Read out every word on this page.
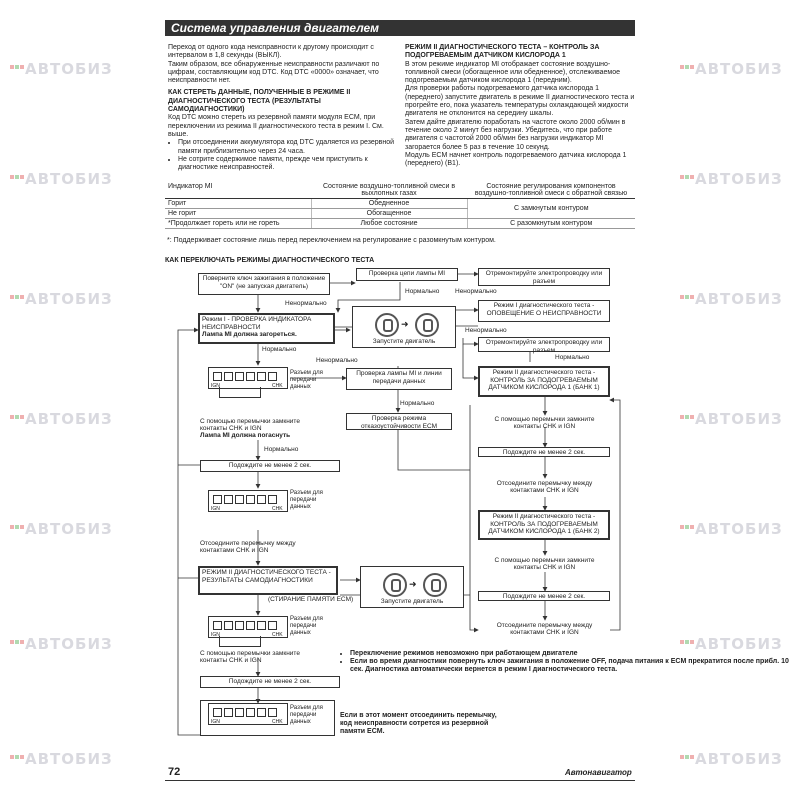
АВТОБИЗ
АВТОБИЗ
АВТОБИЗ
АВТОБИЗ
АВТОБИЗ
АВТОБИЗ
АВТОБИЗ
АВТОБИЗ
АВТОБИЗ
АВТОБИЗ
АВТОБИЗ
АВТОБИЗ
АВТОБИЗ
АВТОБИЗ
Система управления двигателем

Переход от одного кода неисправности к другому происходит с интервалом в 1,8 секунды (ВЫКЛ).

Таким образом, все обнаруженные неисправности различают по цифрам, составляющим код DTC. Код DTC «0000» означает, что неисправности нет.

КАК СТЕРЕТЬ ДАННЫЕ, ПОЛУЧЕННЫЕ В РЕЖИМЕ II ДИАГНОСТИЧЕСКОГО ТЕСТА (РЕЗУЛЬТАТЫ САМОДИАГНОСТИКИ)

Код DTC можно стереть из резервной памяти модуля ECM, при переключении из режима II диагностического теста в режим I. См. выше.

• При отсоединении аккумулятора код DTC удаляется из резервной памяти приблизительно через 24 часа.
• Не сотрите содержимое памяти, прежде чем приступить к диагностике неисправностей.

РЕЖИМ II ДИАГНОСТИЧЕСКОГО ТЕСТА – КОНТРОЛЬ ЗА ПОДОГРЕВАЕМЫМ ДАТЧИКОМ КИСЛОРОДА 1

В этом режиме индикатор MI отображает состояние воздушно-топливной смеси (обогащенное или обедненное), отслеживаемое подогреваемым датчиком кислорода 1 (передним).

Для проверки работы подогреваемого датчика кислорода 1 (переднего) запустите двигатель в режиме II диагностического теста и прогрейте его, пока указатель температуры охлаждающей жидкости двигателя не отклонится на середину шкалы.

Затем дайте двигателю поработать на частоте около 2000 об/мин в течение около 2 минут без нагрузки. Убедитесь, что при работе двигателя с частотой 2000 об/мин без нагрузки индикатор MI загорается более 5 раз в течение 10 секунд.

Модуль ECM начнет контроль подогреваемого датчика кислорода 1 (переднего) (B1).

Индикатор MI	Состояние воздушно-топливной смеси в выхлопных газах	Состояние регулирования компонентов воздушно-топливной смеси с обратной связью
Горит	Обедненное	С замкнутым контуром
Не горит	Обогащенное	
*Продолжает гореть или не гореть	Любое состояние	С разомкнутым контуром
*: Поддерживает состояние лишь перед переключением на регулирование с разомкнутым контуром.
КАК ПЕРЕКЛЮЧАТЬ РЕЖИМЫ ДИАГНОСТИЧЕСКОГО ТЕСТА
Поверните ключ зажигания в положение "ON" (не запуская двигатель)
Проверка цепи лампы MI	Отремонтируйте электропроводку или разъем
Нормально Ненормально
Ненормально
Режим I - ПРОВЕРКА ИНДИКАТОРА НЕИСПРАВНОСТИ
Лампа MI должна загореться.
Режим I диагностического теста - ОПОВЕЩЕНИЕ О НЕИСПРАВНОСТИ
➜
Запустите двигатель
Ненормально
Отремонтируйте электропроводку или разъем
Нормально
Ненормально	Нормально
Режим II диагностического теста - КОНТРОЛЬ ЗА ПОДОГРЕВАЕМЫМ ДАТЧИКОМ КИСЛОРОДА 1 (БАНК 1)
IGN	CHK
Разъем для передачи данных
Проверка лампы MI и линии передачи данных
Нормально
Проверка режима отказоустойчивости ECM
С помощью перемычки замкните контакты CHK и IGN
Лампа MI должна погаснуть
Нормально
Подождите не менее 2 сек.
IGN	CHK
Разъем для передачи данных
Отсоедините перемычку между контактами CHK и IGN
РЕЖИМ II ДИАГНОСТИЧЕСКОГО ТЕСТА - РЕЗУЛЬТАТЫ САМОДИАГНОСТИКИ
(СТИРАНИЕ ПАМЯТИ ECM)
➜
Запустите двигатель
IGN	CHK
Разъем для передачи данных
С помощью перемычки замкните контакты CHK и IGN
Подождите не менее 2 сек.
IGN	CHK
Разъем для передачи данных
С помощью перемычки замкните контакты CHK и IGN
Подождите не менее 2 сек.
Отсоедините перемычку между контактами CHK и IGN
Режим II диагностического теста - КОНТРОЛЬ ЗА ПОДОГРЕВАЕМЫМ ДАТЧИКОМ КИСЛОРОДА 1 (БАНК 2)
С помощью перемычки замкните контакты CHK и IGN
Подождите не менее 2 сек.
Отсоедините перемычку между контактами CHK и IGN
• Переключение режимов невозможно при работающем двигателе
• Если во время диагностики повернуть ключ зажигания в положение OFF, подача питания к ECM прекратится после прибл. 10 сек. Диагностика автоматически вернется в режим I диагностического теста.
Если в этот момент отсоединить перемычку, код неисправности сотрется из резервной памяти ECM.
72	Автонавигатор
